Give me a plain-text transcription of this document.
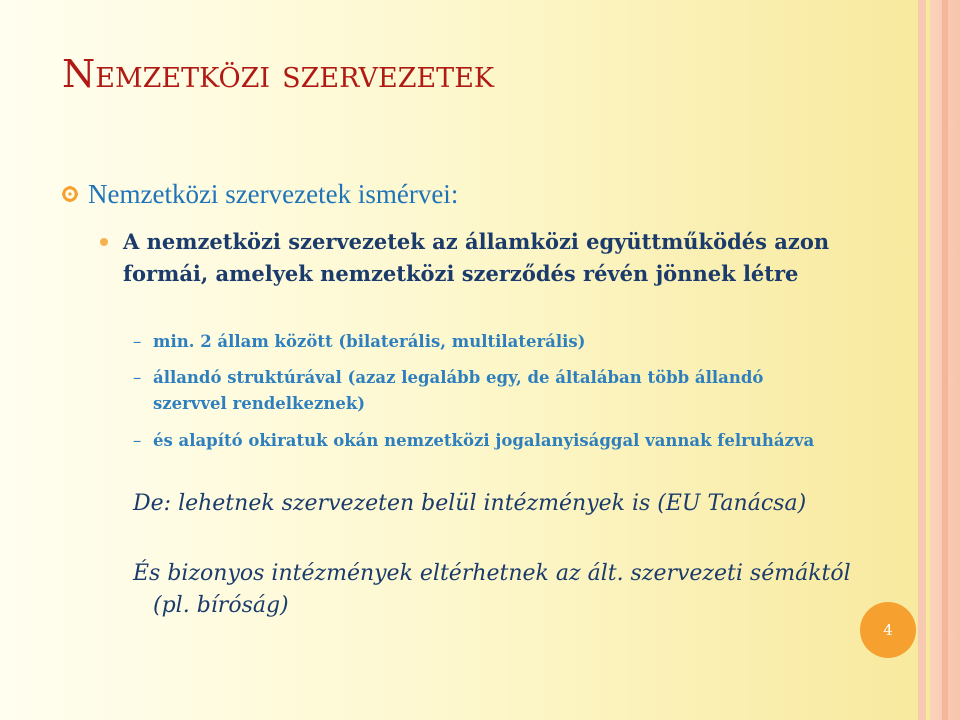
Nemzetközi szervezetek
Nemzetközi szervezetek ismérvei:
A nemzetközi szervezetek az államközi együttműködés azon formái, amelyek nemzetközi szerződés révén jönnek létre
– min. 2 állam között (bilaterális, multilaterális)
– állandó struktúrával (azaz legalább egy, de általában több állandó szervvel rendelkeznek)
– és alapító okiratuk okán nemzetközi jogalanyisággal vannak felruházva
De: lehetnek szervezeten belül intézmények is (EU Tanácsa)
És bizonyos intézmények eltérhetnek az ált. szervezeti sémáktól (pl. bíróság)
4
